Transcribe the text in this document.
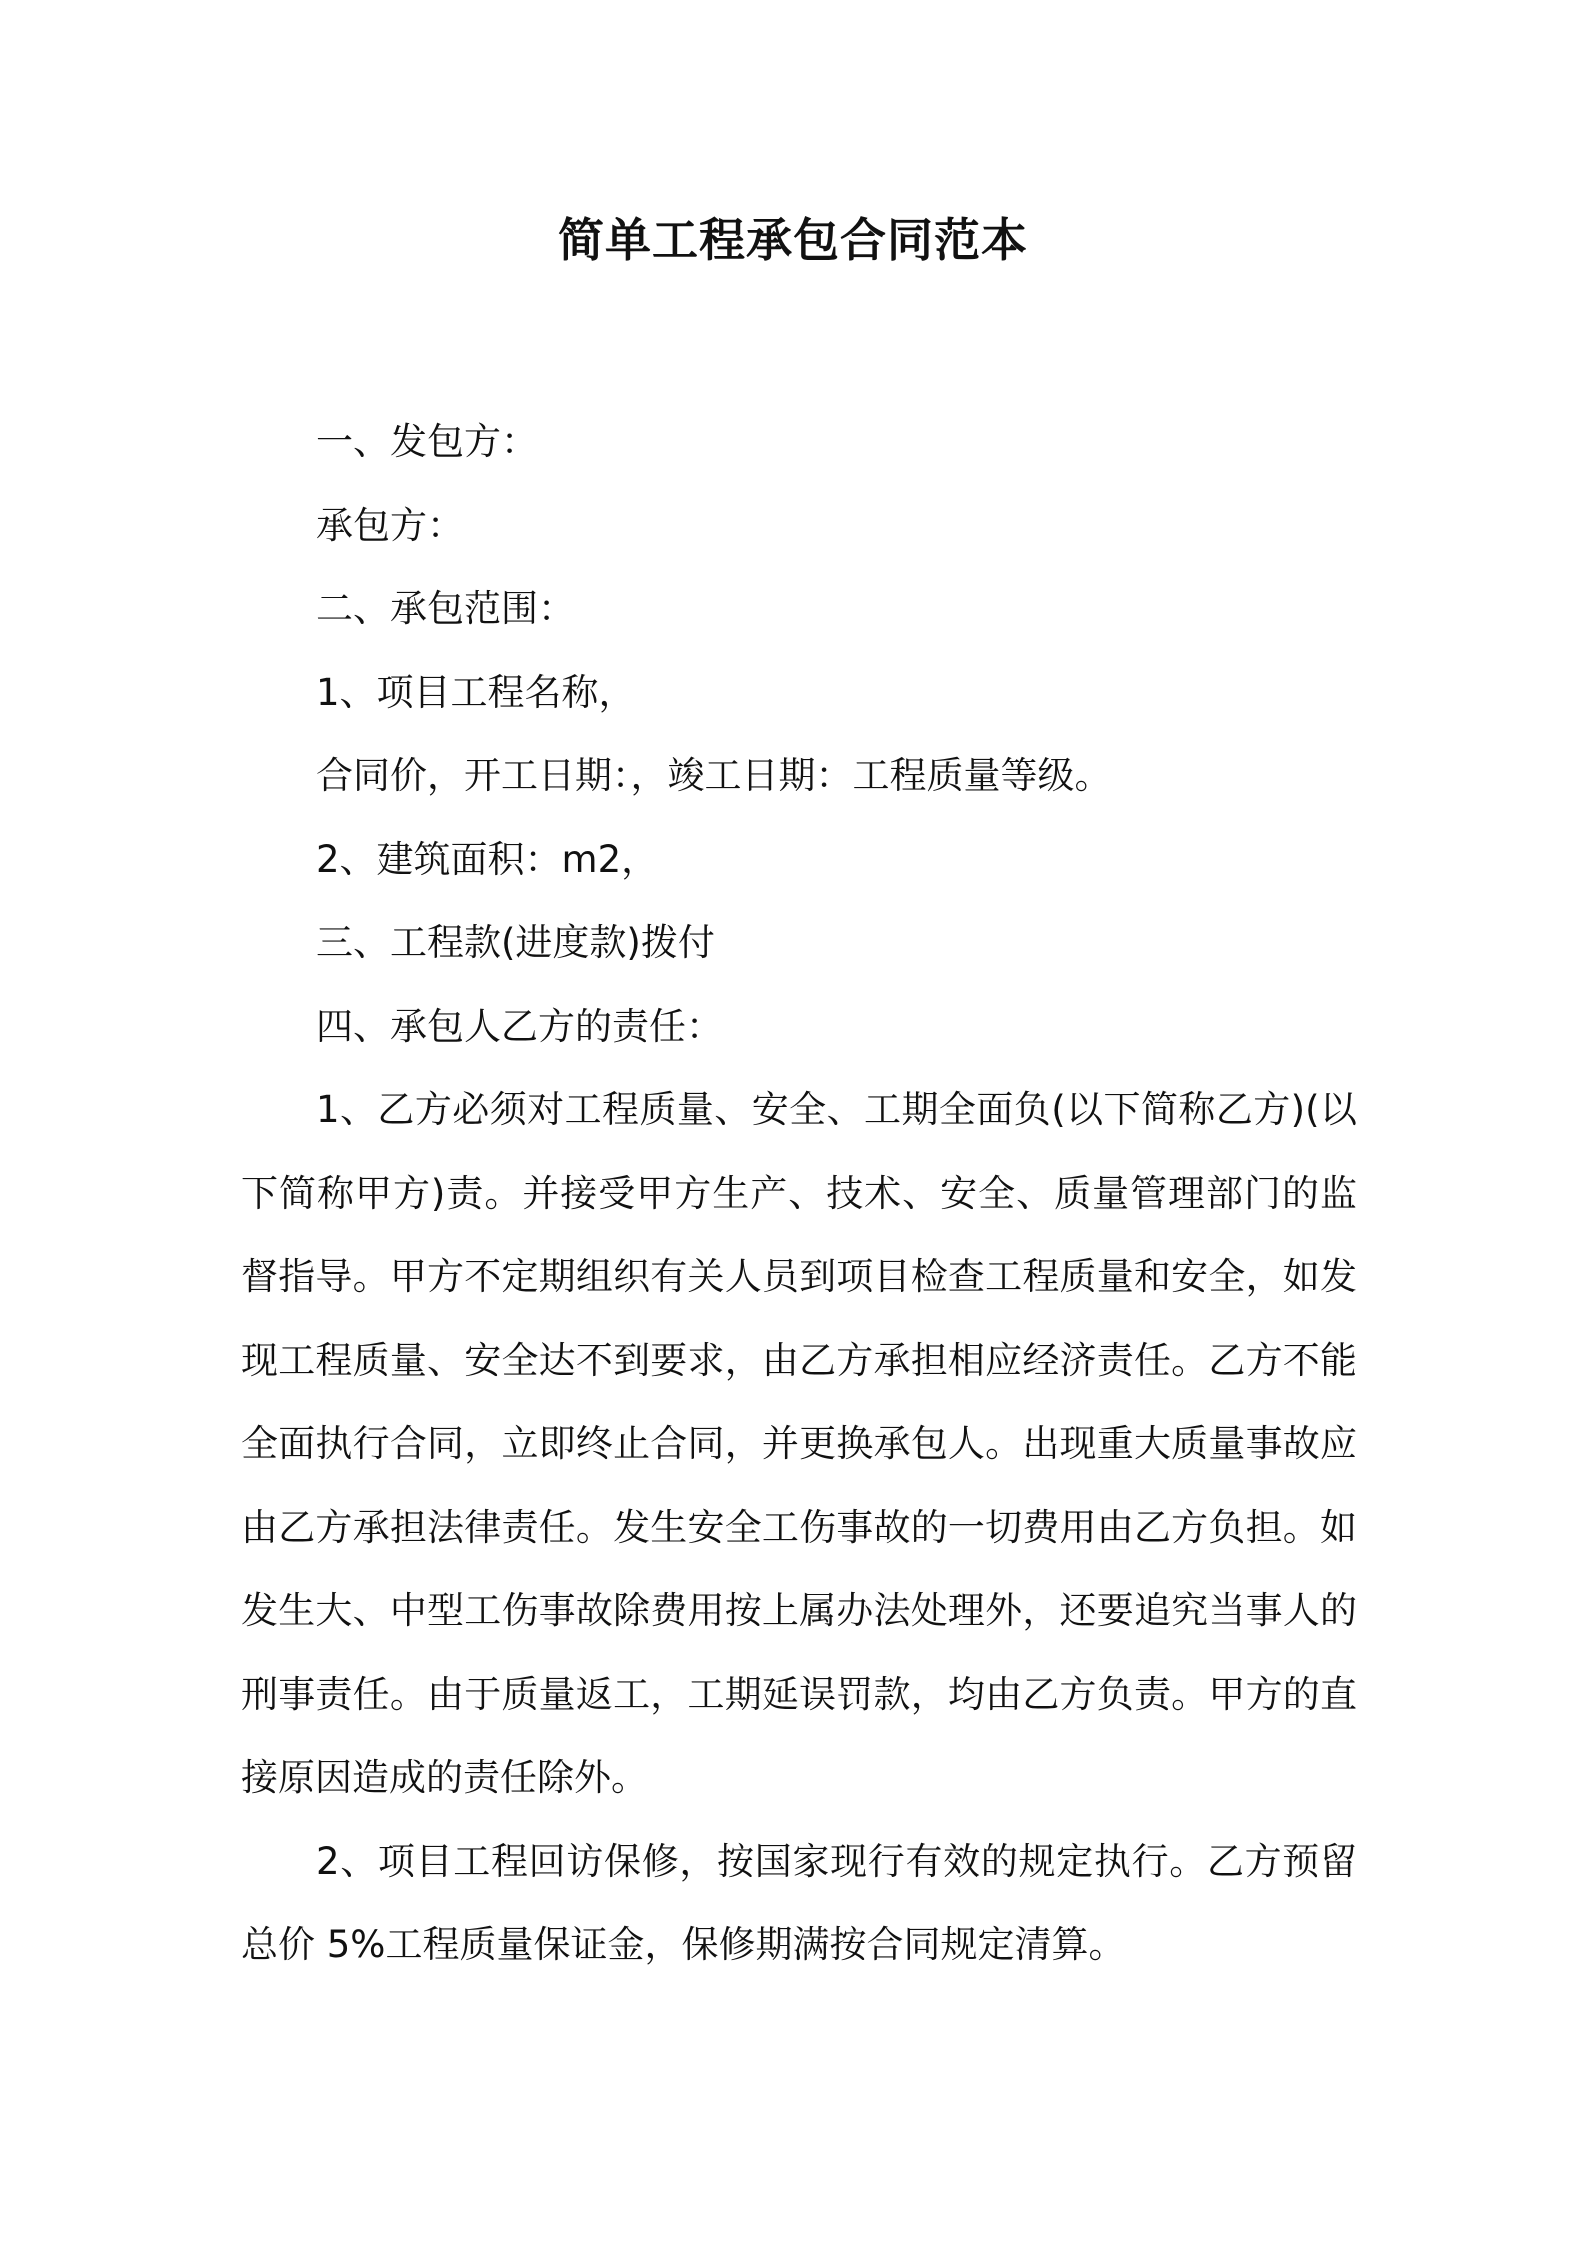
简单工程承包合同范本

一、发包方：

承包方：

二、承包范围：

1、项目工程名称，

合同价，开工日期：，竣工日期：工程质量等级。

2、建筑面积：m2，

三、工程款(进度款)拨付

四、承包人乙方的责任：

1、乙方必须对工程质量、安全、工期全面负(以下简称乙方)(以下简称甲方)责。并接受甲方生产、技术、安全、质量管理部门的监督指导。甲方不定期组织有关人员到项目检查工程质量和安全，如发现工程质量、安全达不到要求，由乙方承担相应经济责任。乙方不能全面执行合同，立即终止合同，并更换承包人。出现重大质量事故应由乙方承担法律责任。发生安全工伤事故的一切费用由乙方负担。如发生大、中型工伤事故除费用按上属办法处理外，还要追究当事人的刑事责任。由于质量返工，工期延误罚款，均由乙方负责。甲方的直接原因造成的责任除外。

2、项目工程回访保修，按国家现行有效的规定执行。乙方预留总价 5%工程质量保证金，保修期满按合同规定清算。
